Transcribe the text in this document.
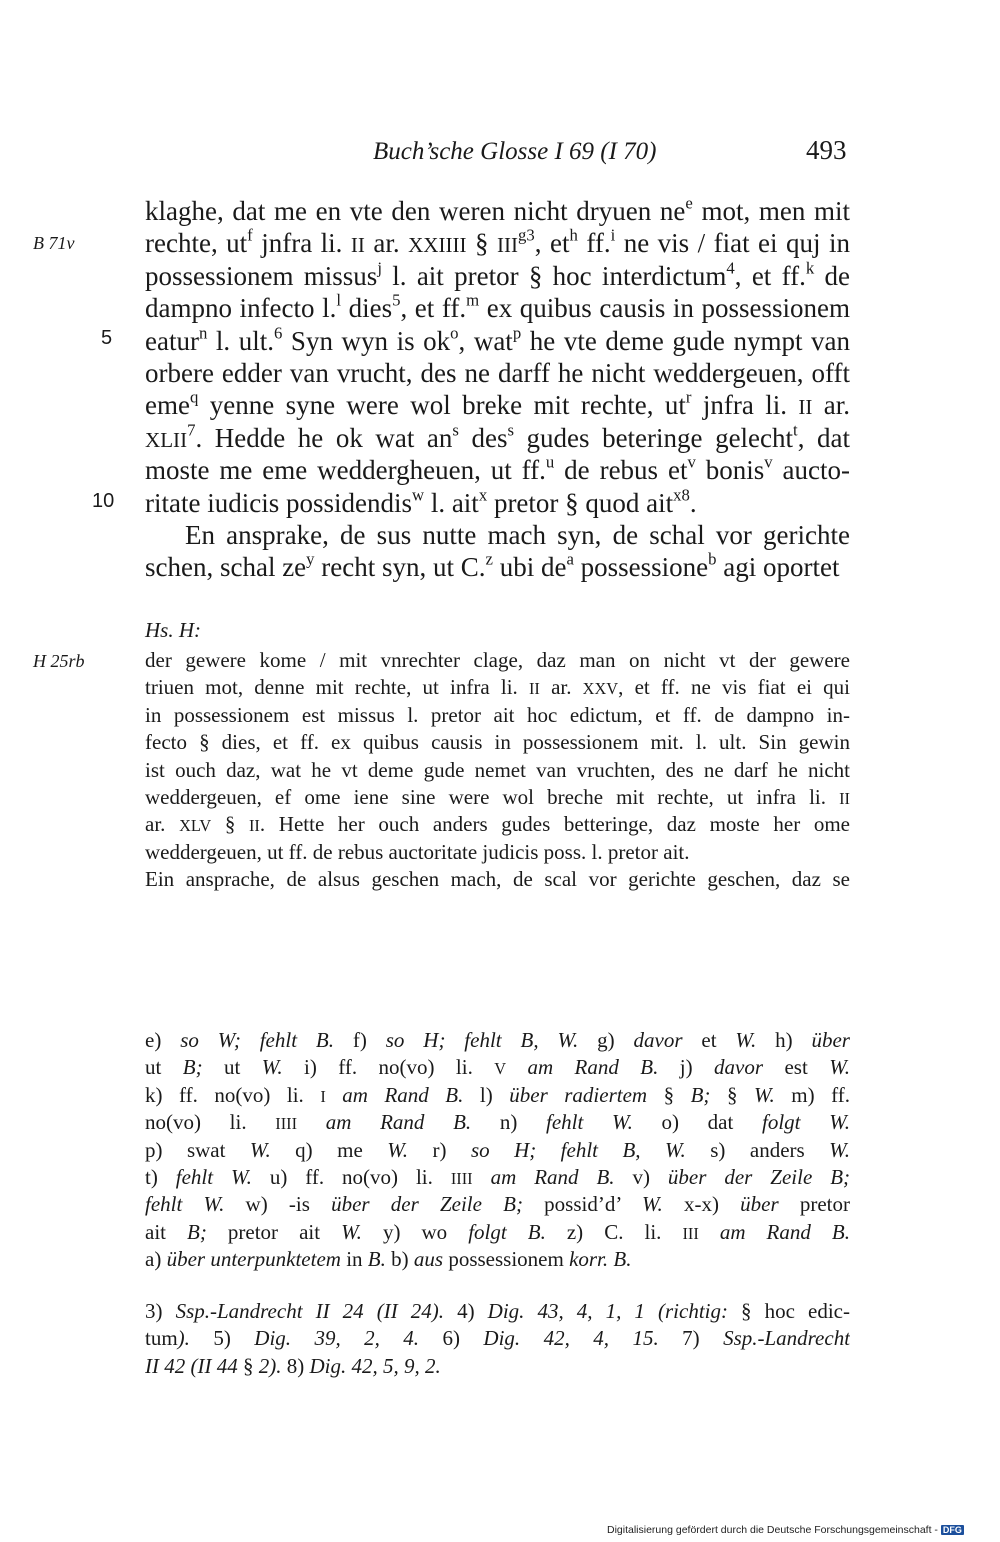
Buch’sche Glosse I 69 (I 70)	493
B 71v
H 25rb
5
10
klaghe, dat me en vte den weren nicht dryuen $ne^e$ mot, men mit
rechte, $ut^f$ jnfra li. II ar. XXIIII § $III^{g3}$, $et^h$ ff.$^i$ ne vis / fiat ei quj in
possessionem missus$^j$ l. ait pretor § hoc interdictum$^4$, et ff.$^k$ de
dampno infecto l.$^l$ dies$^5$, et ff.$^m$ ex quibus causis in possessionem
eatur$^n$ l. ult.$^6$ Syn wyn is $ok^o$, wat$^p$ he vte deme gude nympt van
orbere edder van vrucht, des ne darff he nicht weddergeuen, offt
eme$^q$ yenne syne were wol breke mit rechte, $ut^r$ jnfra li. II ar.
XLII$^7$. Hedde he ok wat $an^s$ des$^s$ gudes beteringe gelecht$^t$, dat
moste me eme weddergheuen, ut ff.$^u$ de rebus $et^v$ bonis$^v$ aucto-
ritate iudicis possidendis$^w$ l. ait$^x$ pretor § quod ait$^{x8}$.
En ansprake, de sus nutte mach syn, de schal vor gerichte
schen, schal $ze^y$ recht syn, ut C.$^z$ ubi $de^a$ possessione$^b$ agi oportet
Hs. H:
der gewere kome / mit vnrechter clage, daz man on nicht vt der gewere
triuen mot, denne mit rechte, ut infra li. II ar. XXV, et ff. ne vis fiat ei qui
in possessionem est missus l. pretor ait hoc edictum, et ff. de dampno in-
fecto § dies, et ff. ex quibus causis in possessionem mit. l. ult. Sin gewin
ist ouch daz, wat he vt deme gude nemet van vruchten, des ne darf he nicht
weddergeuen, ef ome iene sine were wol breche mit rechte, ut infra li. II
ar. XLV § II. Hette her ouch anders gudes betteringe, daz moste her ome
weddergeuen, ut ff. de rebus auctoritate judicis poss. l. pretor ait.
Ein ansprache, de alsus geschen mach, de scal vor gerichte geschen, daz se
e) so W; fehlt B. f) so H; fehlt B, W. g) davor et W. h) über
ut B; ut W. i) ff. no(vo) li. V am Rand B. j) davor est W.
k) ff. no(vo) li. I am Rand B. l) über radiertem § B; § W. m) ff.
no(vo) li. IIII am Rand B. n) fehlt W. o) dat folgt W.
p) swat W. q) me W. r) so H; fehlt B, W. s) anders W.
t) fehlt W. u) ff. no(vo) li. IIII am Rand B. v) über der Zeile B;
fehlt W. w) -is über der Zeile B; possid’d’ W. x-x) über pretor
ait B; pretor ait W. y) wo folgt B. z) C. li. III am Rand B.
a) über unterpunktetem in B. b) aus possessionem korr. B.
3) Ssp.-Landrecht II 24 (II 24). 4) Dig. 43, 4, 1, 1 (richtig: § hoc edic-
tum). 5) Dig. 39, 2, 4. 6) Dig. 42, 4, 15. 7) Ssp.-Landrecht
II 42 (II 44 § 2). 8) Dig. 42, 5, 9, 2.
Digitalisierung gefördert durch die Deutsche Forschungsgemeinschaft - DFG
